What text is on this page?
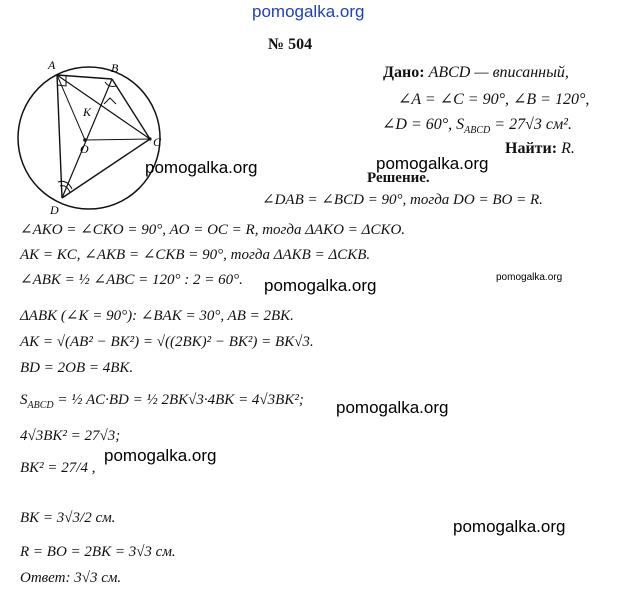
pomogalka.org
№ 504
A	B
C
D
K
O
Дано: ABCD — вписанный,
∠A = ∠C = 90°, ∠B = 120°,
∠D = 60°, $S_{ABCD} = 27√3$ см².
Найти: R.
pomogalka.org	pomogalka.org
Решение.
∠DAB = ∠BCD = 90°, тогда DO = BO = R.
∠AKO = ∠CKO = 90°, AO = OC = R, тогда ΔAKO = ΔCKO.
AK = KC, ∠AKB = ∠CKB = 90°, тогда ΔAKB = ΔCKB.
∠ABK = ½ ∠ABC = 120° : 2 = 60°. pomogalka.org	pomogalka.org
ΔABK (∠K = 90°): ∠BAK = 30°, AB = 2BK.
AK = √(AB² − BK²) = √((2BK)² − BK²) = BK√3.
BD = 2OB = 4BK.
$S_{ABCD}$ = ½ AC·BD = ½ 2BK√3·4BK = 4√3BK²; pomogalka.org
4√3BK² = 27√3;
pomogalka.org
BK² = 27/4 ,
pomogalka.org
BK = 3√3/2 см.
R = BO = 2BK = 3√3 см.
Ответ: 3√3 см.
